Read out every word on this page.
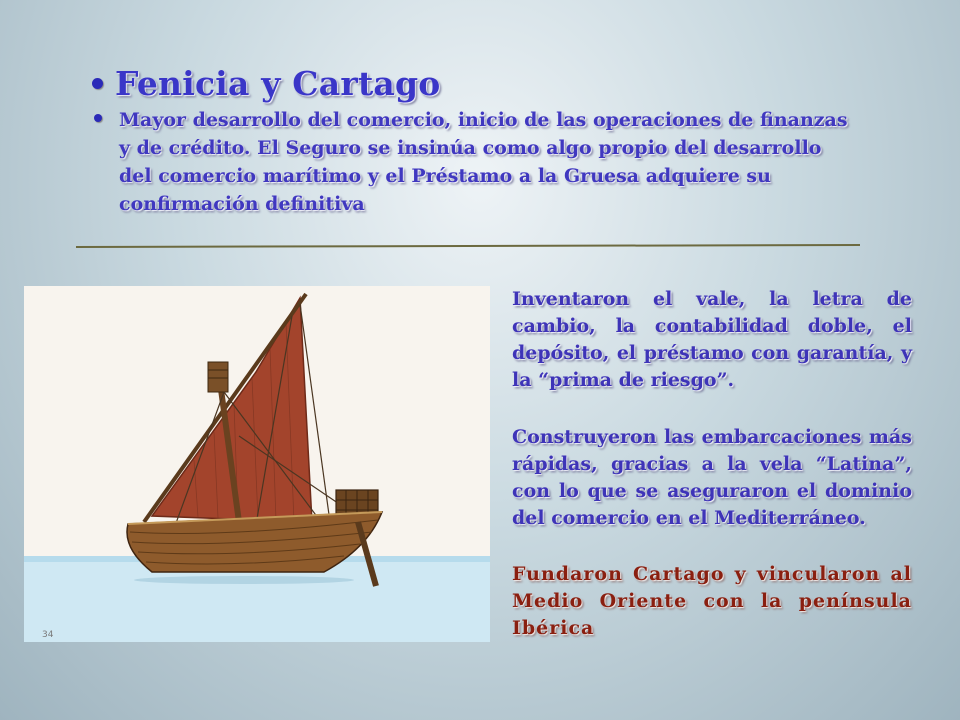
Fenicia y Cartago
Mayor desarrollo del comercio, inicio de las operaciones de finanzas y de crédito. El Seguro se insinúa como algo propio del desarrollo del comercio marítimo y el Préstamo a la Gruesa adquiere su confirmación definitiva
34
Inventaron el vale, la letra de cambio, la contabilidad doble, el depósito, el préstamo con garantía, y la “prima de riesgo”.
Construyeron las embarcaciones más rápidas, gracias a la vela “Latina”, con lo que se aseguraron el dominio del comercio en el Mediterráneo.
Fundaron Cartago y vincularon al Medio Oriente con la península Ibérica
